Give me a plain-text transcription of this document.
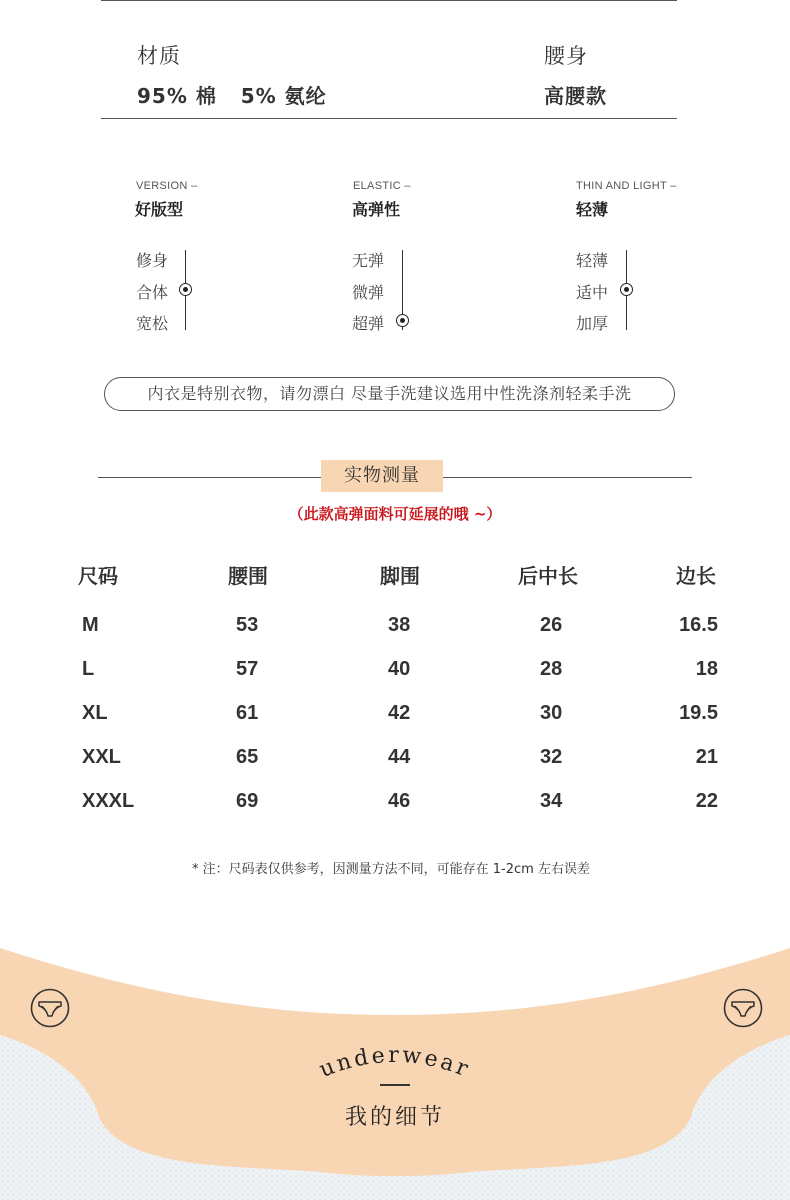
材质
95% 棉   5% 氨纶
腰身
高腰款
VERSION –
好版型
修身
合体
宽松
ELASTIC –
高弹性
无弹
微弹
超弹
THIN AND LIGHT –
轻薄
轻薄
适中
加厚
内衣是特别衣物，请勿漂白 尽量手洗建议选用中性洗涤剂轻柔手洗
实物测量
（此款高弹面料可延展的哦 ~）
尺码	腰围	脚围	后中长	边长
M	53	38	26	16.5
L	57	40	28	18
XL	61	42	30	19.5
XXL	65	44	32	21
XXXL	69	46	34	22
* 注：尺码表仅供参考，因测量方法不同，可能存在 1-2cm 左右误差
underwear
我的细节
